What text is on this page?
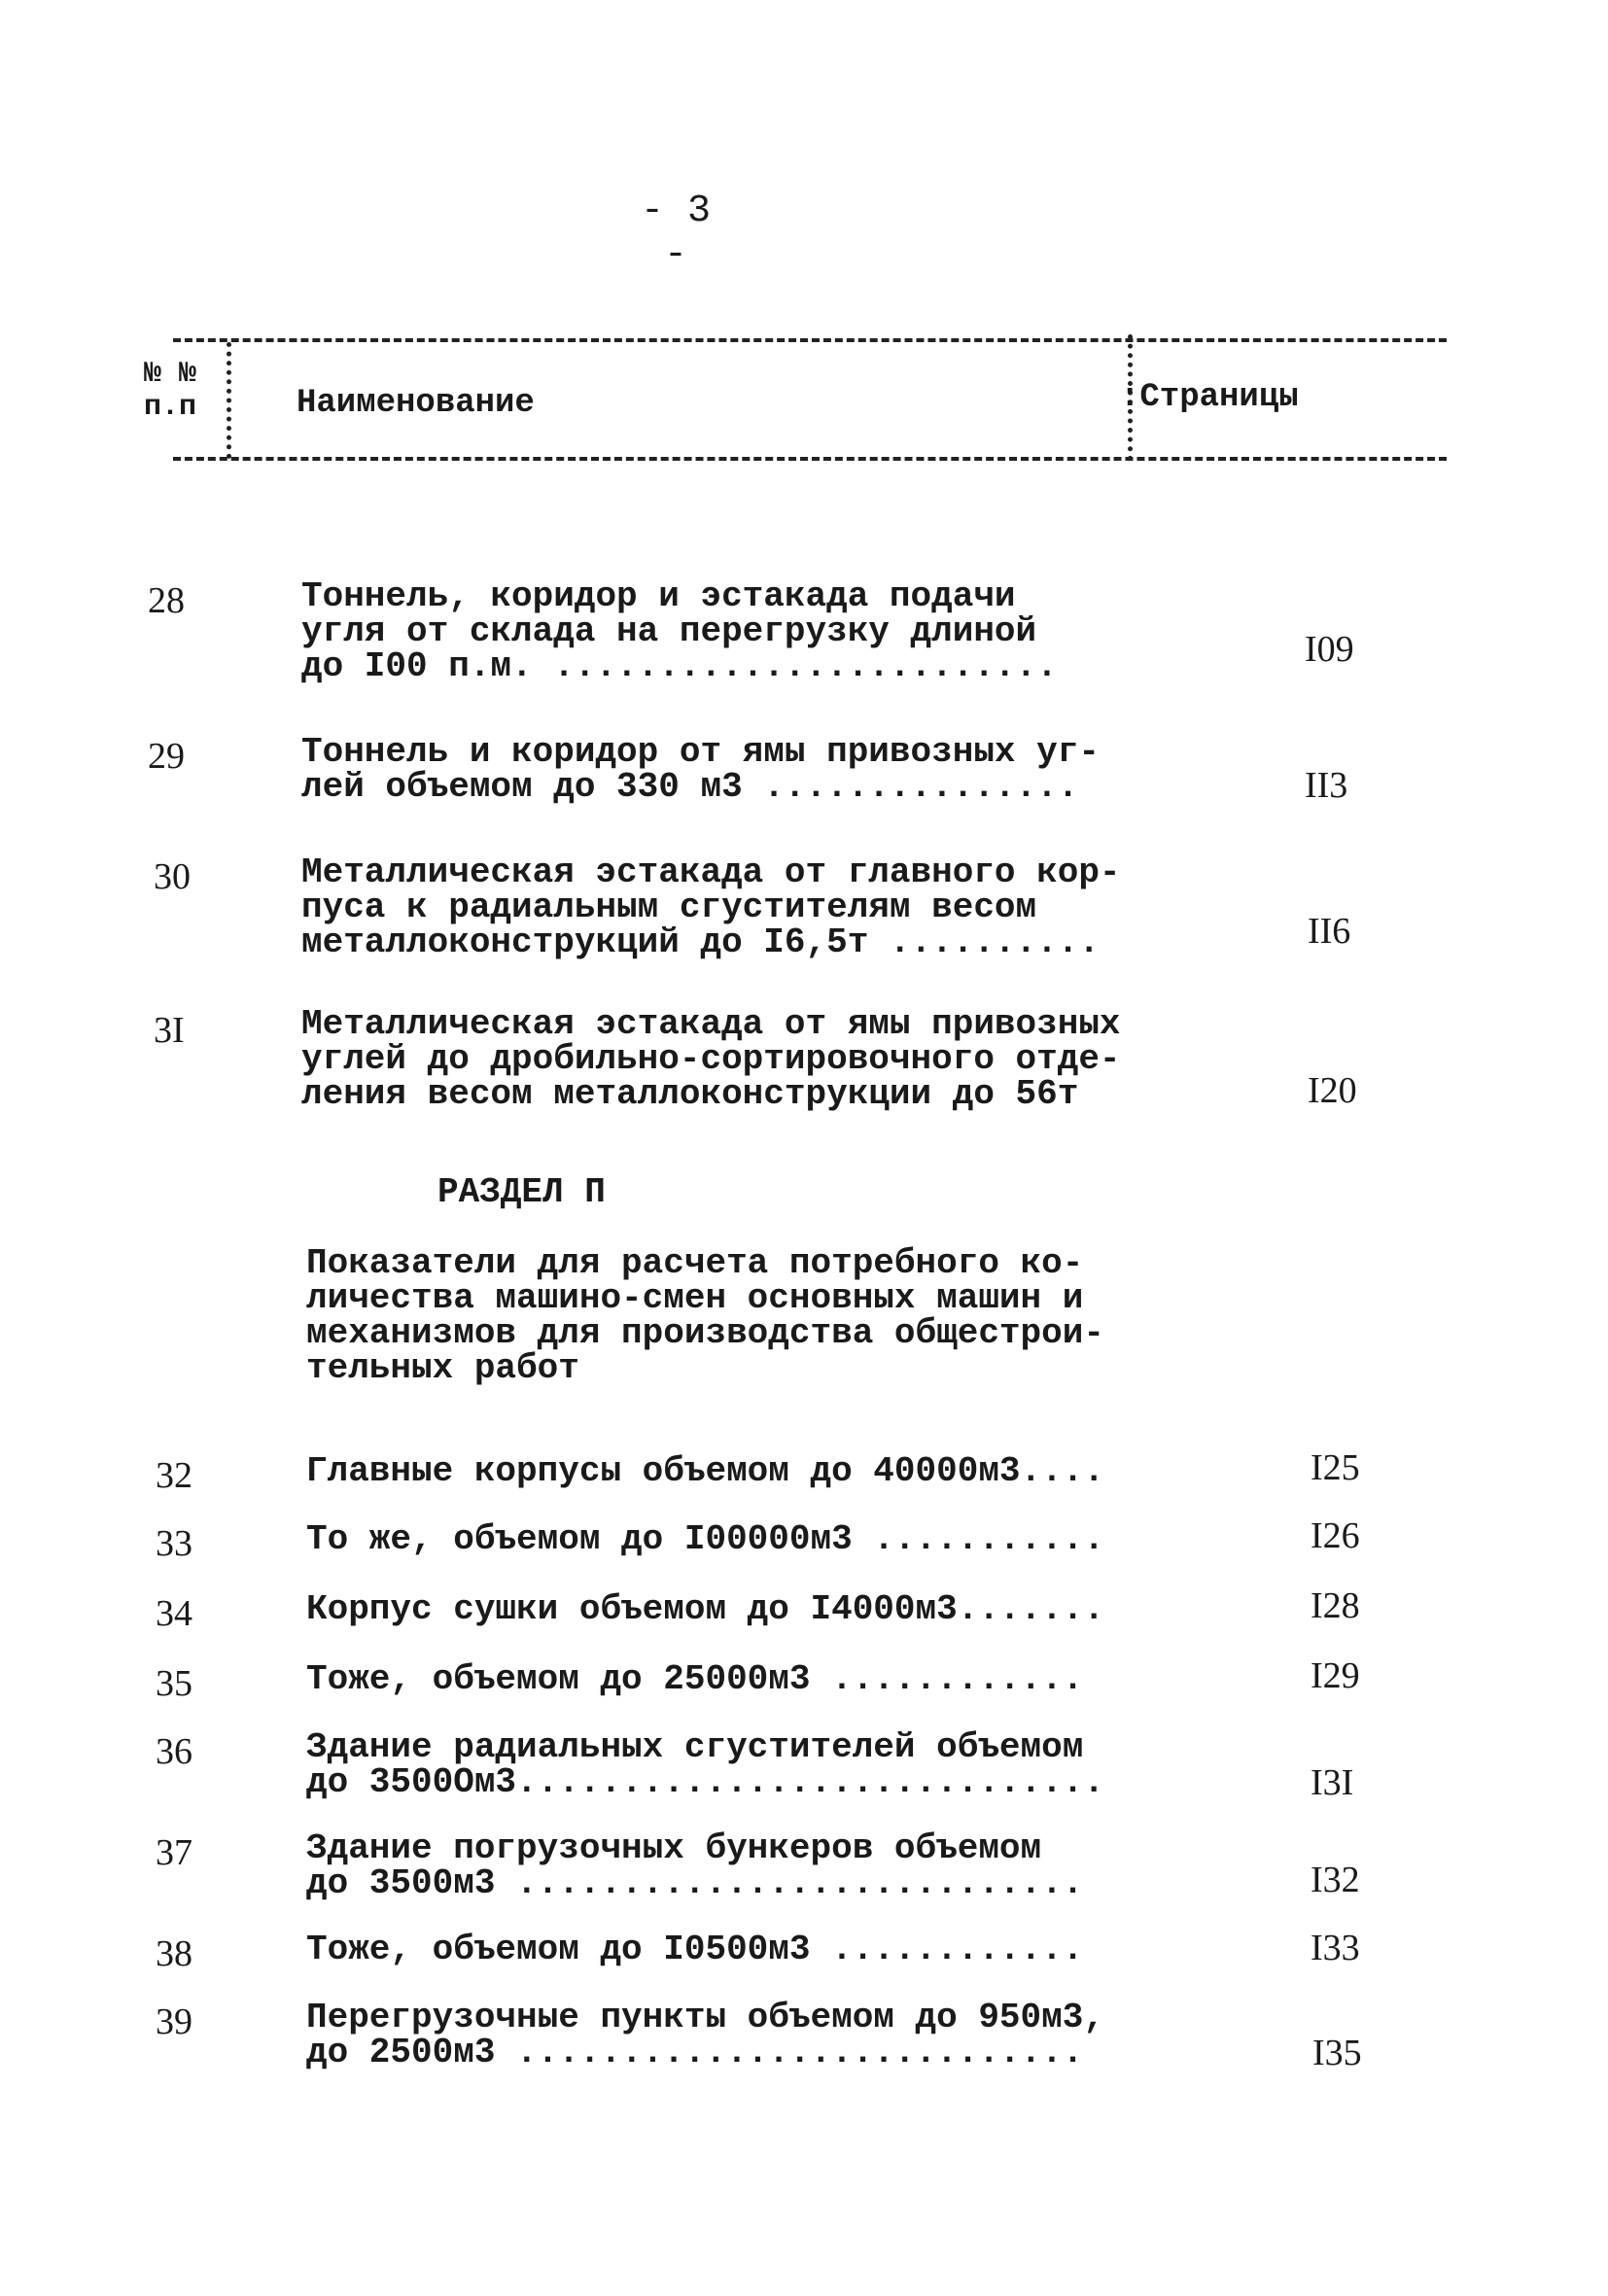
- 3 -
№ №
п.п	Наименование	:Страницы
28	Тоннель, коридор и эстакада подачи
угля от склада на перегрузку длиной
до I00 п.м. ........................	I09
29	Тоннель и коридор от ямы привозных уг-
лей объемом до 330 м3 ...............	II3
30	Металлическая эстакада от главного кор-
пуса к радиальным сгустителям весом
металлоконструкций до I6,5т ..........	II6
3I	Металлическая эстакада от ямы привозных
углей до дробильно-сортировочного отде-
ления весом металлоконструкции до 56т	I20
РАЗДЕЛ П
Показатели для расчета потребного ко-
личества машино-смен основных машин и
механизмов для производства общестрои-
тельных работ
32	Главные корпусы объемом до 40000м3....	I25
33	То же, объемом до I00000м3 ...........	I26
34	Корпус сушки объемом до I4000м3.......	I28
35	Тоже, объемом до 25000м3 ............	I29
36	Здание радиальных сгустителей объемом
до 3500Ом3............................	I3I
37	Здание погрузочных бункеров объемом
до 3500м3 ...........................	I32
38	Тоже, объемом до I0500м3 ............	I33
39	Перегрузочные пункты объемом до 950м3,
до 2500м3 ...........................	I35
